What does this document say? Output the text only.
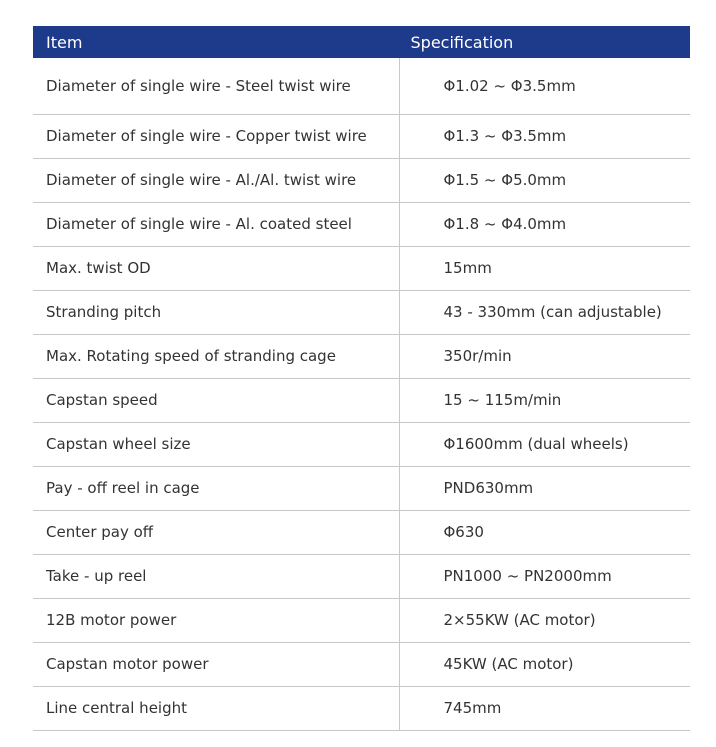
Item	Specification
Diameter of single wire - Steel twist wire	Φ1.02 ~ Φ3.5mm
Diameter of single wire - Copper twist wire	Φ1.3 ~ Φ3.5mm
Diameter of single wire - Al./Al. twist wire	Φ1.5 ~ Φ5.0mm
Diameter of single wire - Al. coated steel	Φ1.8 ~ Φ4.0mm
Max. twist OD	15mm
Stranding pitch	43 - 330mm (can adjustable)
Max. Rotating speed of stranding cage	350r/min
Capstan speed	15 ~ 115m/min
Capstan wheel size	Φ1600mm (dual wheels)
Pay - off reel in cage	PND630mm
Center pay off	Φ630
Take - up reel	PN1000 ~ PN2000mm
12B motor power	2×55KW (AC motor)
Capstan motor power	45KW (AC motor)
Line central height	745mm
